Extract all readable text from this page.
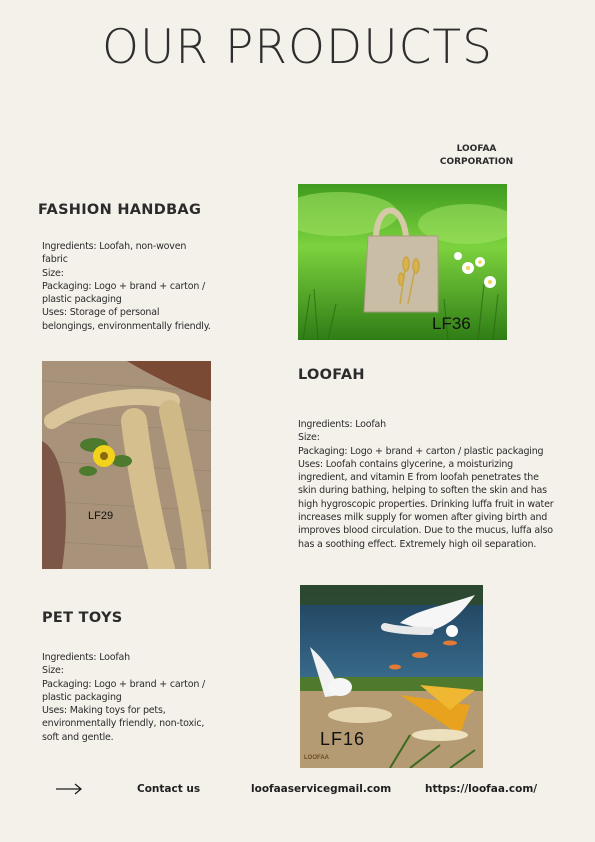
OUR PRODUCTS
LOOFAA CORPORATION
FASHION HANDBAG
Ingredients: Loofah, non-woven
fabric
Size:
Packaging: Logo + brand + carton /
plastic packaging
Uses: Storage of personal
belongings, environmentally friendly.	LF36
LF29
LOOFAH
Ingredients: Loofah
Size:
Packaging: Logo + brand + carton / plastic packaging
Uses: Loofah contains glycerine, a moisturizing
ingredient, and vitamin E from loofah penetrates the
skin during bathing, helping to soften the skin and has
high hygroscopic properties. Drinking luffa fruit in water
increases milk supply for women after giving birth and
improves blood circulation. Due to the mucus, luffa also
has a soothing effect. Extremely high oil separation.
PET TOYS
Ingredients: Loofah
Size:
Packaging: Logo + brand + carton /
plastic packaging
Uses: Making toys for pets,
environmentally friendly, non-toxic,
soft and gentle.	LF16
LOOFAA
Contact us	loofaaservicegmail.com	https://loofaa.com/
